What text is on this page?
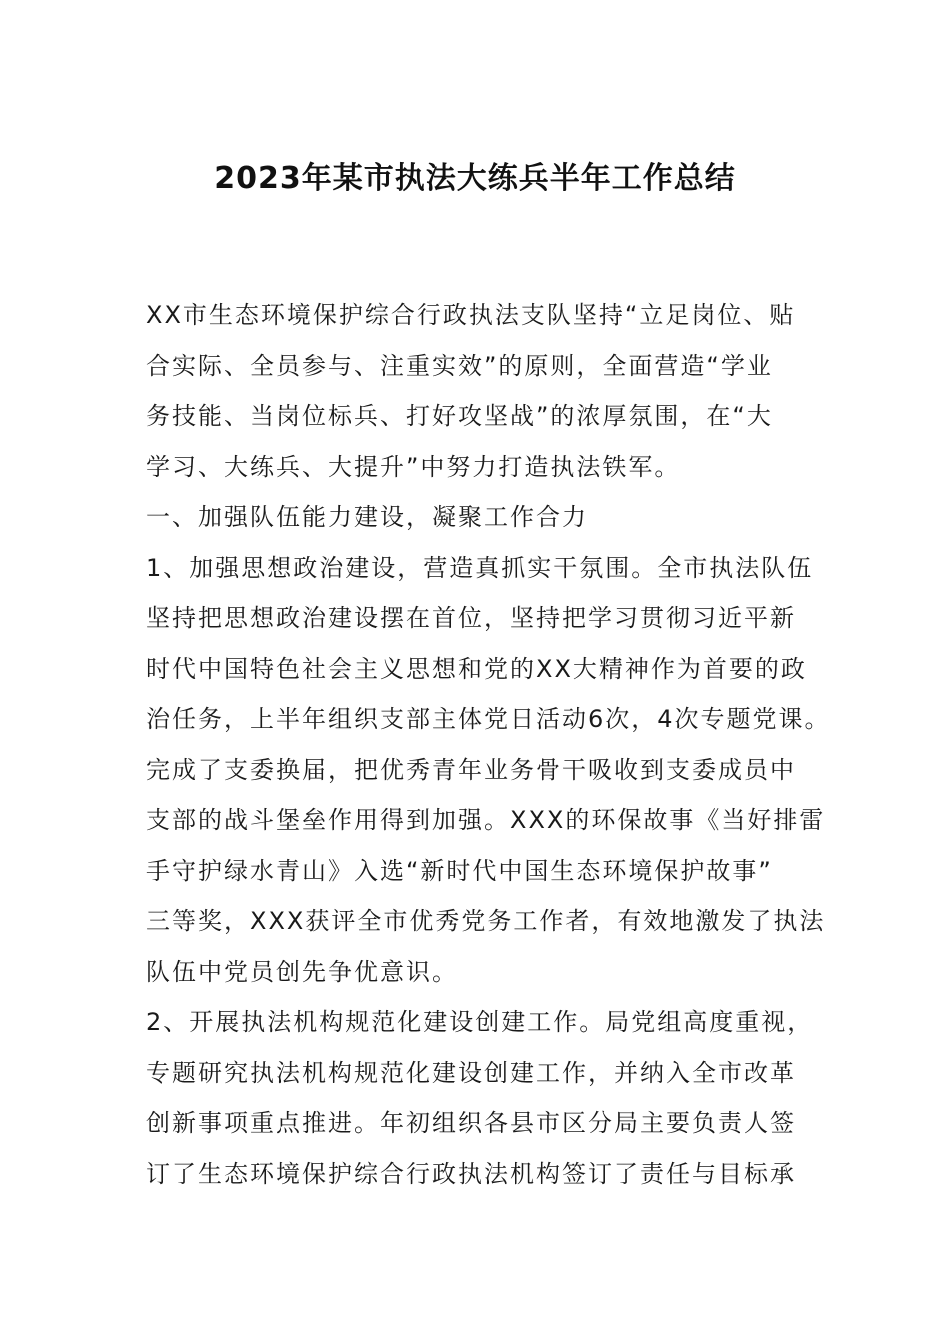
2023年某市执法大练兵半年工作总结
XX市生态环境保护综合行政执法支队坚持“立足岗位、贴
合实际、全员参与、注重实效”的原则，全面营造“学业
务技能、当岗位标兵、打好攻坚战”的浓厚氛围，在“大
学习、大练兵、大提升”中努力打造执法铁军。
一、加强队伍能力建设，凝聚工作合力
1、加强思想政治建设，营造真抓实干氛围。全市执法队伍
坚持把思想政治建设摆在首位，坚持把学习贯彻习近平新
时代中国特色社会主义思想和党的XX大精神作为首要的政
治任务，上半年组织支部主体党日活动6次，4次专题党课。
完成了支委换届，把优秀青年业务骨干吸收到支委成员中
支部的战斗堡垒作用得到加强。XXX的环保故事《当好排雷
手守护绿水青山》入选“新时代中国生态环境保护故事”
三等奖，XXX获评全市优秀党务工作者，有效地激发了执法
队伍中党员创先争优意识。
2、开展执法机构规范化建设创建工作。局党组高度重视，
专题研究执法机构规范化建设创建工作，并纳入全市改革
创新事项重点推进。年初组织各县市区分局主要负责人签
订了生态环境保护综合行政执法机构签订了责任与目标承
